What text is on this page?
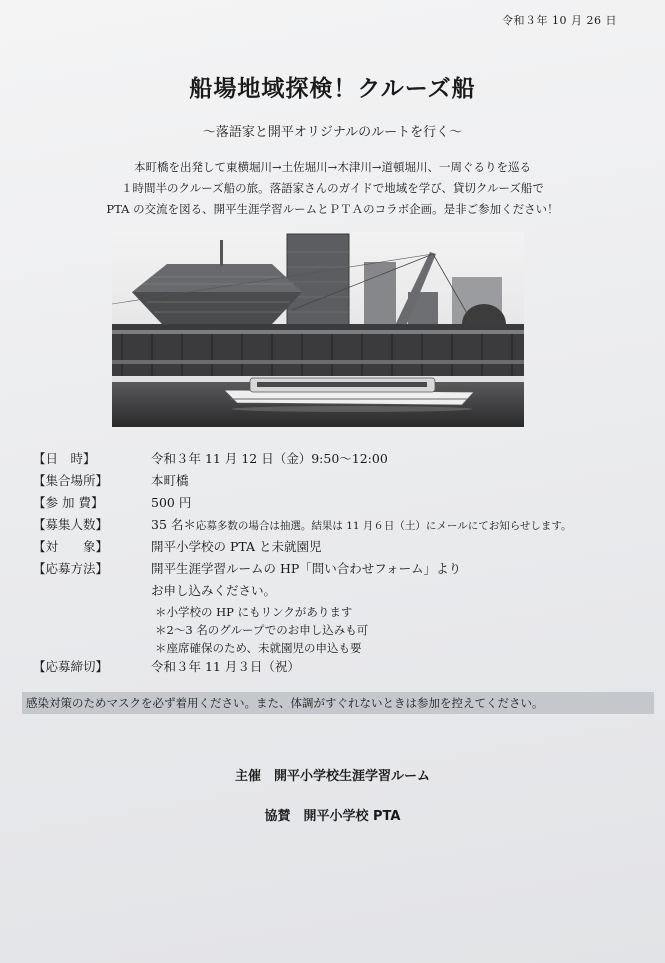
令和３年 10 月 26 日
船場地域探検！クルーズ船
～落語家と開平オリジナルのルートを行く～
本町橋を出発して東横堀川→土佐堀川→木津川→道頓堀川、一周ぐるりを巡る
１時間半のクルーズ船の旅。落語家さんのガイドで地域を学び、貸切クルーズ船で
PTA の交流を図る、開平生涯学習ルームとＰＴＡのコラボ企画。是非ご参加ください！
【日　時】	令和３年 11 月 12 日（金）9:50～12:00
【集合場所】	本町橋
【参 加 費】	500 円
【募集人数】	35 名＊応募多数の場合は抽選。結果は 11 月６日（土）にメールにてお知らせします。
【対　　象】	開平小学校の PTA と未就園児
【応募方法】	開平生涯学習ルームの HP「問い合わせフォーム」より
お申し込みください。
＊小学校の HP にもリンクがあります
＊2～3 名のグループでのお申し込みも可
＊座席確保のため、未就園児の申込も要
【応募締切】	令和３年 11 月３日（祝）
感染対策のためマスクを必ず着用ください。また、体調がすぐれないときは参加を控えてください。
主催　開平小学校生涯学習ルーム
協賛　開平小学校 PTA
